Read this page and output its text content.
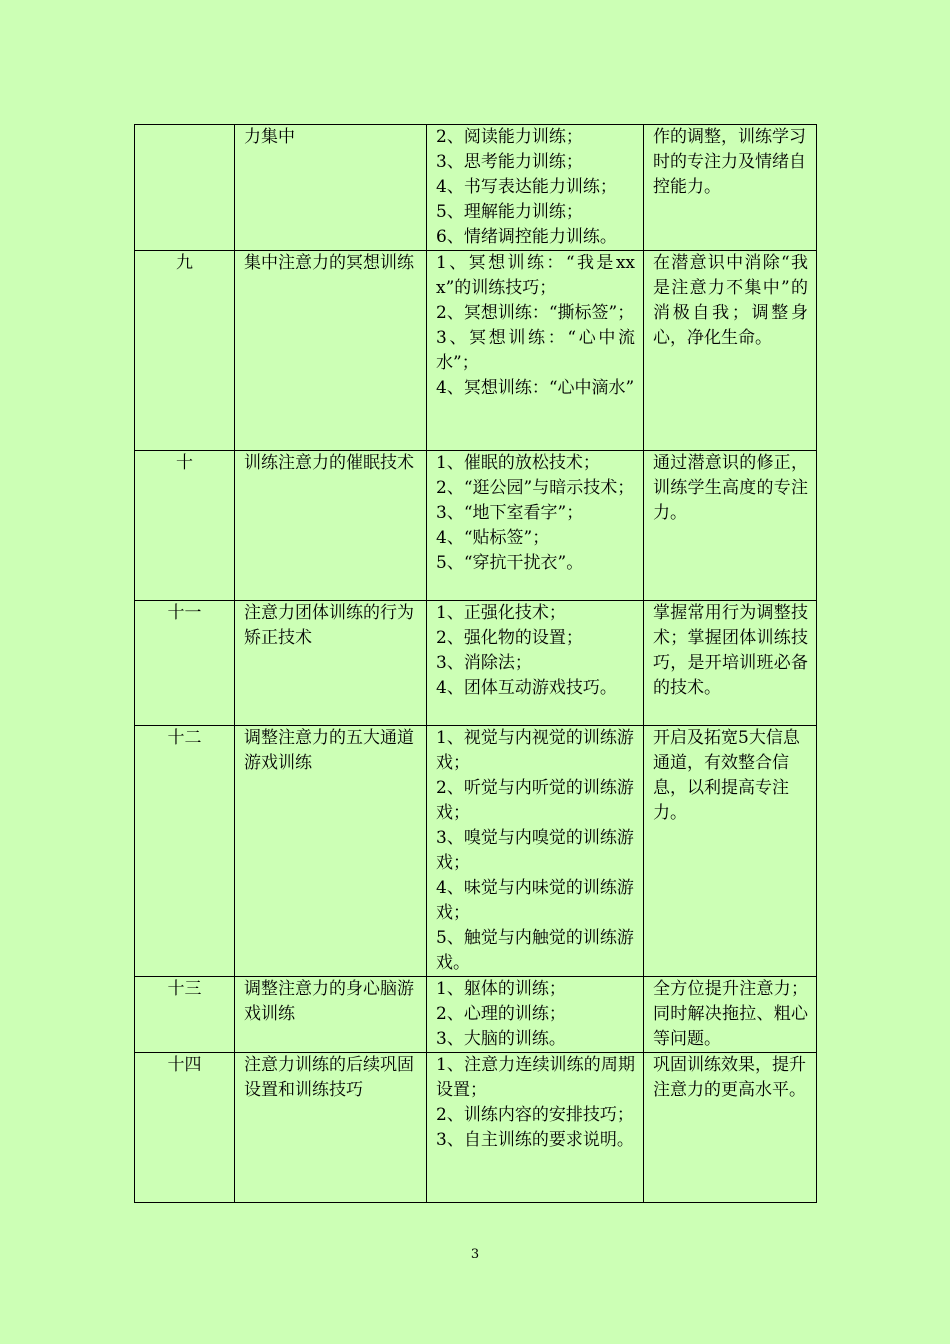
	力集中	2、阅读能力训练；
3、思考能力训练；
4、书写表达能力训练；
5、理解能力训练；
6、情绪调控能力训练。	作的调整，训练学习时的专注力及情绪自控能力。
九	集中注意力的冥想训练	1、冥想训练：“我是xxx”的训练技巧；
2、冥想训练：“撕标签”；
3、冥想训练：“心中流水”；
4、冥想训练：“心中滴水”	在潜意识中消除“我是注意力不集中”的消极自我；调整身心，净化生命。
十	训练注意力的催眠技术	1、催眠的放松技术；
2、“逛公园”与暗示技术；
3、“地下室看字”；
4、“贴标签”；
5、“穿抗干扰衣”。	通过潜意识的修正，训练学生高度的专注力。
十一	注意力团体训练的行为矫正技术	1、正强化技术；
2、强化物的设置；
3、消除法；
4、团体互动游戏技巧。	掌握常用行为调整技术；掌握团体训练技巧，是开培训班必备的技术。
十二	调整注意力的五大通道游戏训练	1、视觉与内视觉的训练游戏；
2、听觉与内听觉的训练游戏；
3、嗅觉与内嗅觉的训练游戏；
4、味觉与内味觉的训练游戏；
5、触觉与内触觉的训练游戏。	开启及拓宽5大信息通道，有效整合信息，以利提高专注力。
十三	调整注意力的身心脑游戏训练	1、躯体的训练；
2、心理的训练；
3、大脑的训练。	全方位提升注意力；同时解决拖拉、粗心等问题。
十四	注意力训练的后续巩固设置和训练技巧	1、注意力连续训练的周期设置；
2、训练内容的安排技巧；
3、自主训练的要求说明。	巩固训练效果，提升注意力的更高水平。
3
